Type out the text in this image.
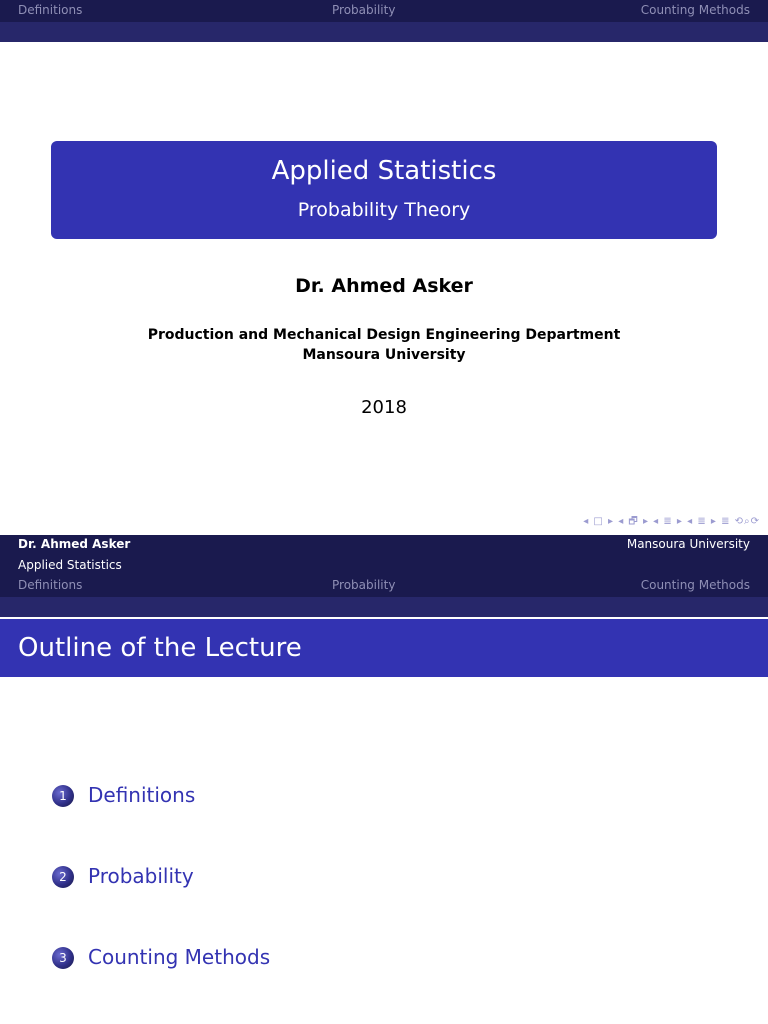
Definitions	Probability	Counting Methods
Applied Statistics
Probability Theory
Dr. Ahmed Asker
Production and Mechanical Design Engineering Department
Mansoura University
2018
◂ □ ▸ ◂ 🗗 ▸ ◂ ≣ ▸ ◂ ≣ ▸ ≣ ⟲⌕⟳
Dr. Ahmed Asker	Mansoura University
Applied Statistics
Definitions	Probability	Counting Methods
Outline of the Lecture
1	Definitions
2	Probability
3	Counting Methods
